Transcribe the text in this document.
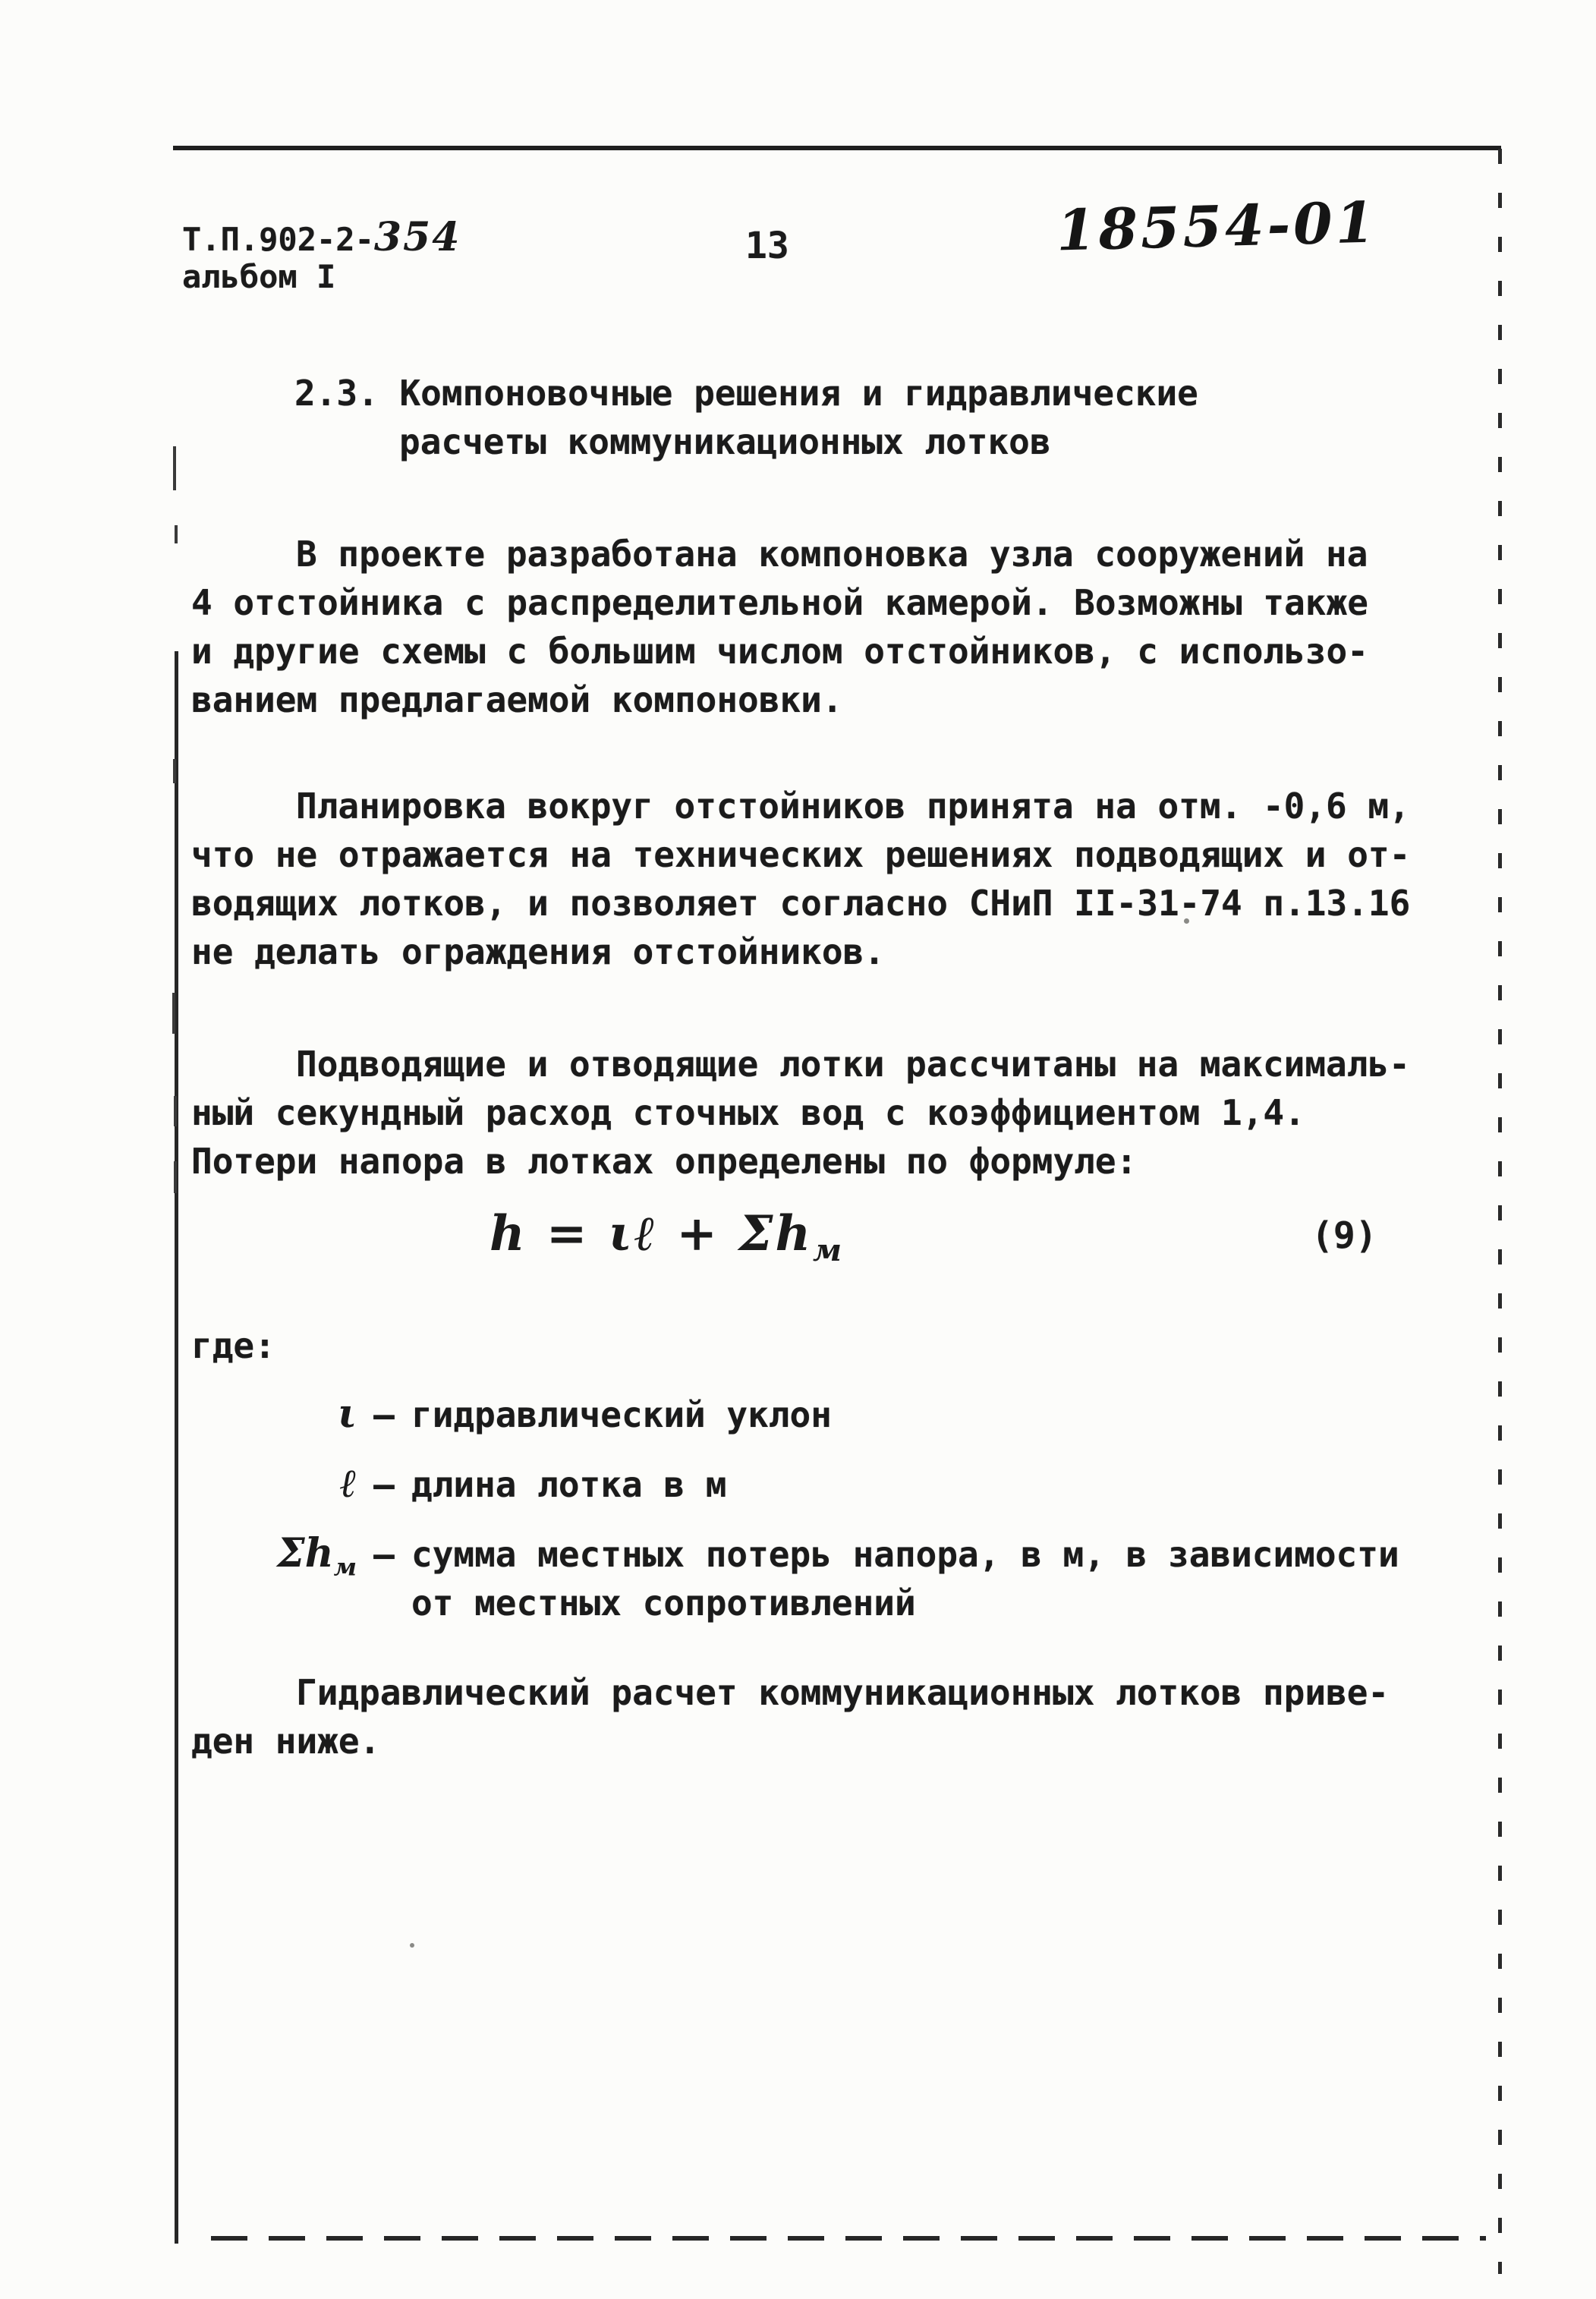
Т.П.902-2-354
альбом I
13	18554-01
2.3. Компоновочные решения и гидравлические
расчеты коммуникационных лотков
В проекте разработана компоновка узла сооружений на
4 отстойника с распределительной камерой. Возможны также
и другие схемы с большим числом отстойников, с использо-
ванием предлагаемой компоновки.
Планировка вокруг отстойников принята на отм. -0,6 м,
что не отражается на технических решениях подводящих и от-
водящих лотков, и позволяет согласно СНиП II-31-74 п.13.16
не делать ограждения отстойников.
Подводящие и отводящие лотки рассчитаны на максималь-
ный секундный расход сточных вод с коэффициентом 1,4.
Потери напора в лотках определены по формуле:
h = ιℓ + $\Sigma h_м$	(9)
где:
ι — гидравлический уклон
ℓ — длина лотка в м
$\Sigma h_м$ — сумма местных потерь напора, в м, в зависимости
от местных сопротивлений
Гидравлический расчет коммуникационных лотков приве-
ден ниже.
